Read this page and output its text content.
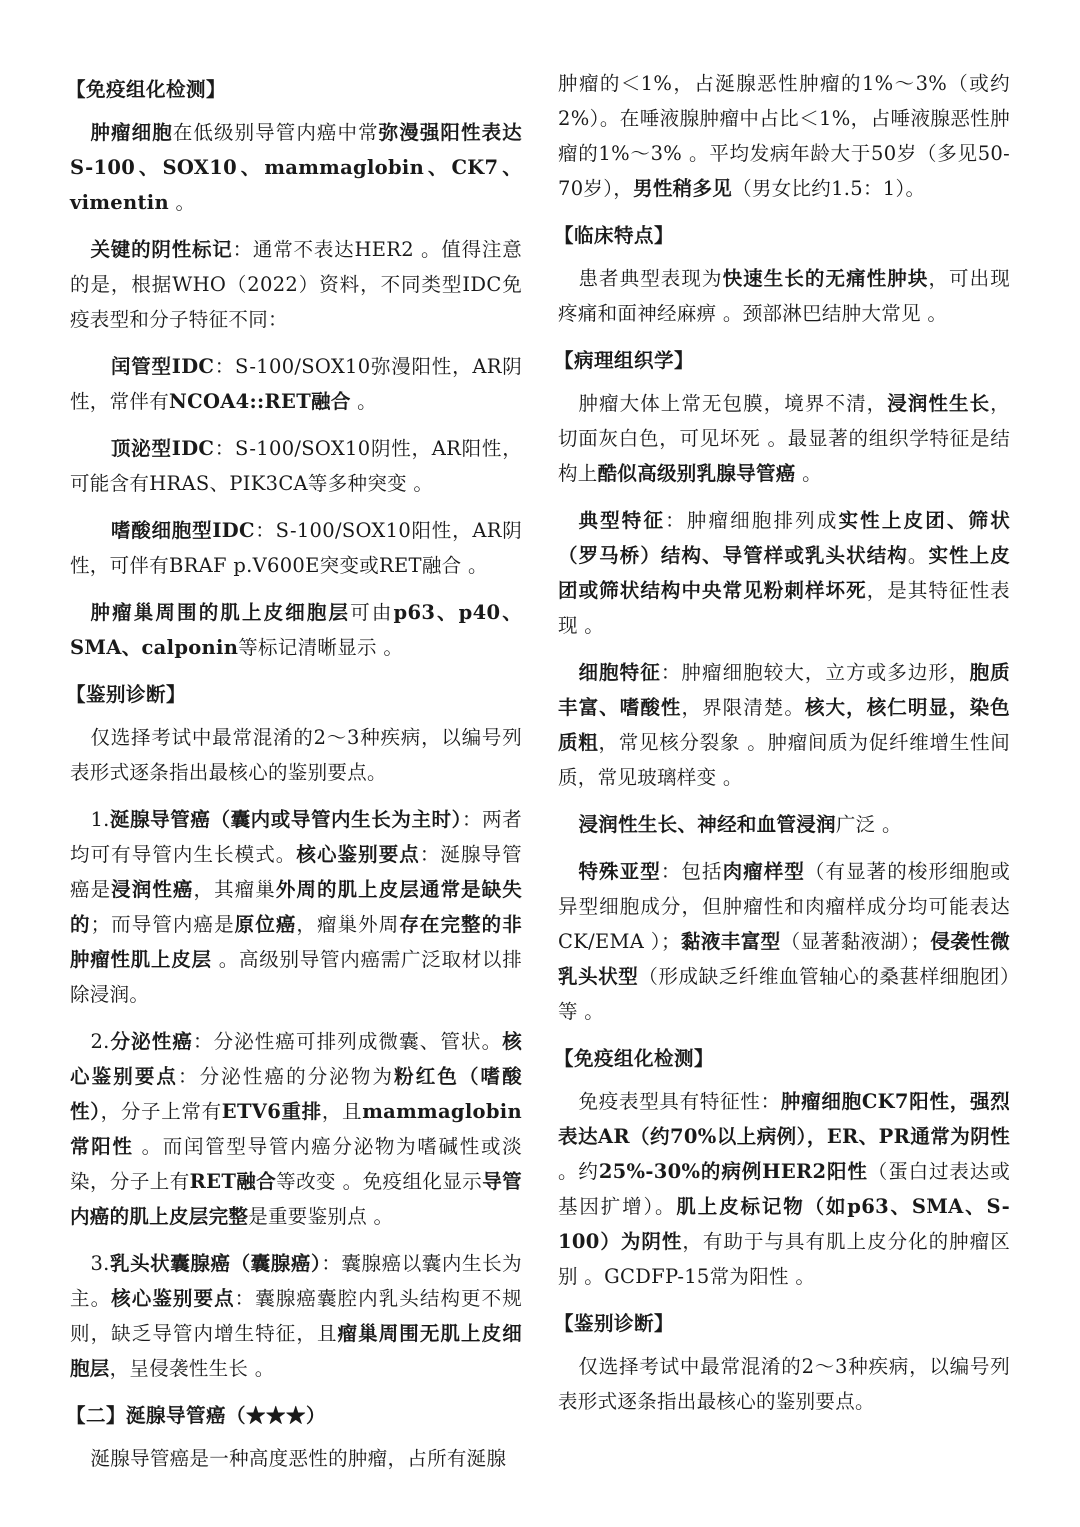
【免疫组化检测】
肿瘤细胞在低级别导管内癌中常弥漫强阳性表达S-100、SOX10、mammaglobin、CK7、vimentin 。
关键的阴性标记：通常不表达HER2 。值得注意的是，根据WHO（2022）资料，不同类型IDC免疫表型和分子特征不同：
闰管型IDC：S-100/SOX10弥漫阳性，AR阴性，常伴有NCOA4::RET融合 。
顶泌型IDC：S-100/SOX10阴性，AR阳性，可能含有HRAS、PIK3CA等多种突变 。
嗜酸细胞型IDC：S-100/SOX10阳性，AR阴性，可伴有BRAF p.V600E突变或RET融合 。
肿瘤巢周围的肌上皮细胞层可由p63、p40、SMA、calponin等标记清晰显示 。
【鉴别诊断】
仅选择考试中最常混淆的2～3种疾病，以编号列表形式逐条指出最核心的鉴别要点。
1.涎腺导管癌（囊内或导管内生长为主时）：两者均可有导管内生长模式。核心鉴别要点：涎腺导管癌是浸润性癌，其瘤巢外周的肌上皮层通常是缺失的；而导管内癌是原位癌，瘤巢外周存在完整的非肿瘤性肌上皮层 。高级别导管内癌需广泛取材以排除浸润。
2.分泌性癌：分泌性癌可排列成微囊、管状。核心鉴别要点：分泌性癌的分泌物为粉红色（嗜酸性），分子上常有ETV6重排，且mammaglobin常阳性 。而闰管型导管内癌分泌物为嗜碱性或淡染，分子上有RET融合等改变 。免疫组化显示导管内癌的肌上皮层完整是重要鉴别点 。
3.乳头状囊腺癌（囊腺癌）：囊腺癌以囊内生长为主。核心鉴别要点：囊腺癌囊腔内乳头结构更不规则，缺乏导管内增生特征，且瘤巢周围无肌上皮细胞层，呈侵袭性生长 。
【二】涎腺导管癌（★★★）
涎腺导管癌是一种高度恶性的肿瘤，占所有涎腺
肿瘤的＜1%，占涎腺恶性肿瘤的1%～3%（或约2%）。在唾液腺肿瘤中占比＜1%，占唾液腺恶性肿瘤的1%～3% 。平均发病年龄大于50岁（多见50-70岁），男性稍多见（男女比约1.5：1）。
【临床特点】
患者典型表现为快速生长的无痛性肿块，可出现疼痛和面神经麻痹 。颈部淋巴结肿大常见 。
【病理组织学】
肿瘤大体上常无包膜，境界不清，浸润性生长，切面灰白色，可见坏死 。最显著的组织学特征是结构上酷似高级别乳腺导管癌 。
典型特征：肿瘤细胞排列成实性上皮团、筛状（罗马桥）结构、导管样或乳头状结构。实性上皮团或筛状结构中央常见粉刺样坏死，是其特征性表现 。
细胞特征：肿瘤细胞较大，立方或多边形，胞质丰富、嗜酸性，界限清楚。核大，核仁明显，染色质粗，常见核分裂象 。肿瘤间质为促纤维增生性间质，常见玻璃样变 。
浸润性生长、神经和血管浸润广泛 。
特殊亚型：包括肉瘤样型（有显著的梭形细胞或异型细胞成分，但肿瘤性和肉瘤样成分均可能表达CK/EMA ）；黏液丰富型（显著黏液湖）；侵袭性微乳头状型（形成缺乏纤维血管轴心的桑葚样细胞团）等 。
【免疫组化检测】
免疫表型具有特征性：肿瘤细胞CK7阳性，强烈表达AR（约70%以上病例），ER、PR通常为阴性 。约25%-30%的病例HER2阳性（蛋白过表达或基因扩增）。肌上皮标记物（如p63、SMA、S-100）为阴性，有助于与具有肌上皮分化的肿瘤区别 。GCDFP-15常为阳性 。
【鉴别诊断】
仅选择考试中最常混淆的2～3种疾病，以编号列表形式逐条指出最核心的鉴别要点。
